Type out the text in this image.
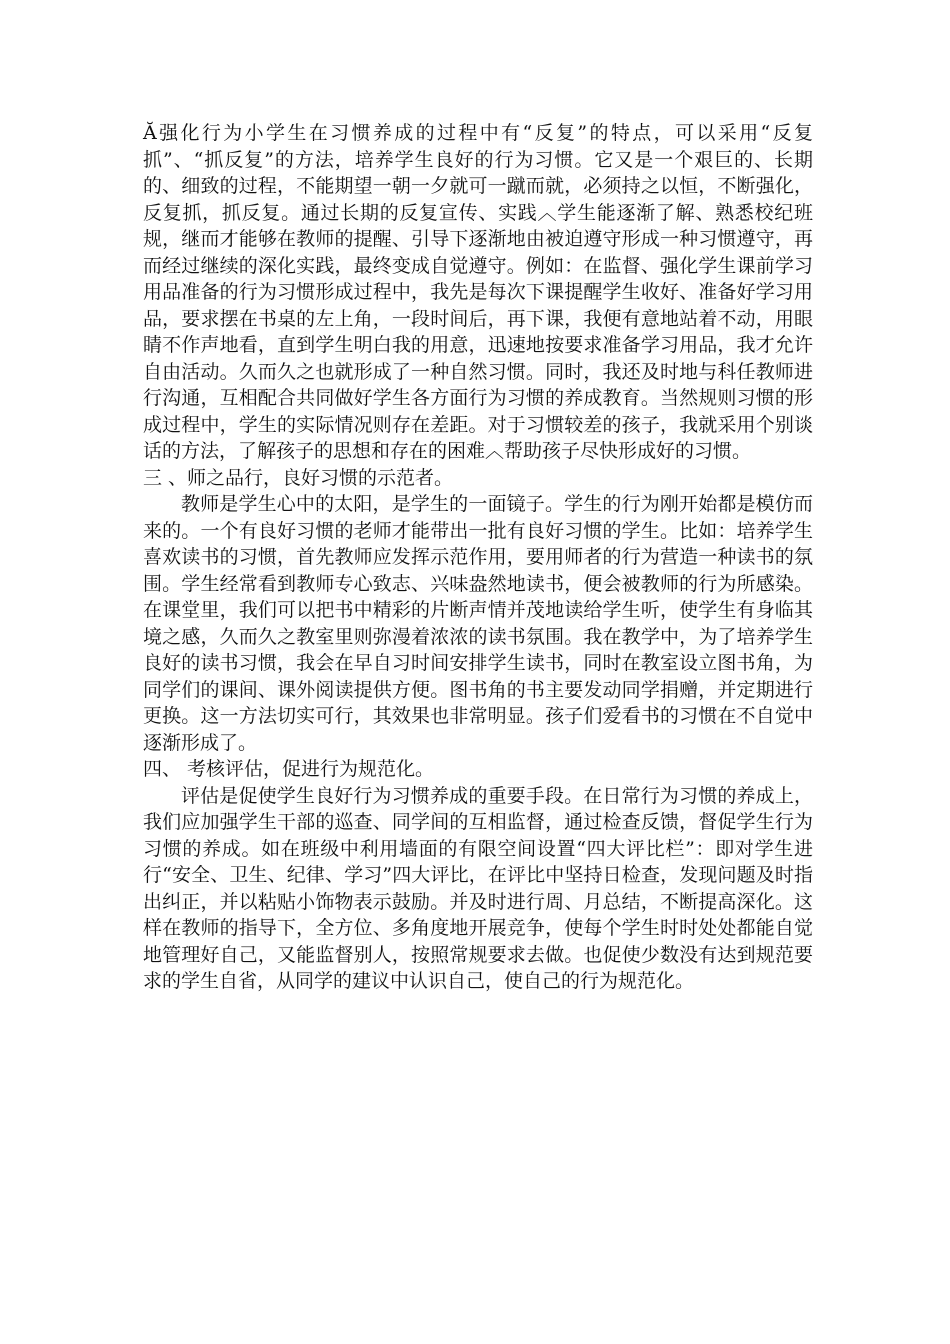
Ă强化行为小学生在习惯养成的过程中有“反复”的特点，可以采用“反复抓”、“抓反复”的方法，培养学生良好的行为习惯。它又是一个艰巨的、长期的、细致的过程，不能期望一朝一夕就可一蹴而就，必须持之以恒，不断强化，反复抓，抓反复。通过长期的反复宣传、实践︿学生能逐渐了解、熟悉校纪班规，继而才能够在教师的提醒、引导下逐渐地由被迫遵守形成一种习惯遵守，再而经过继续的深化实践，最终变成自觉遵守。例如：在监督、强化学生课前学习用品准备的行为习惯形成过程中，我先是每次下课提醒学生收好、准备好学习用品，要求摆在书桌的左上角，一段时间后，再下课，我便有意地站着不动，用眼睛不作声地看，直到学生明白我的用意，迅速地按要求准备学习用品，我才允许自由活动。久而久之也就形成了一种自然习惯。同时，我还及时地与科任教师进行沟通，互相配合共同做好学生各方面行为习惯的养成教育。当然规则习惯的形成过程中，学生的实际情况则存在差距。对于习惯较差的孩子，我就采用个别谈话的方法，了解孩子的思想和存在的困难︿帮助孩子尽快形成好的习惯。

三 、师之品行，良好习惯的示范者。

教师是学生心中的太阳，是学生的一面镜子。学生的行为刚开始都是模仿而来的。一个有良好习惯的老师才能带出一批有良好习惯的学生。比如：培养学生喜欢读书的习惯，首先教师应发挥示范作用，要用师者的行为营造一种读书的氛围。学生经常看到教师专心致志、兴味盎然地读书，便会被教师的行为所感染。在课堂里，我们可以把书中精彩的片断声情并茂地读给学生听，使学生有身临其境之感，久而久之教室里则弥漫着浓浓的读书氛围。我在教学中，为了培养学生良好的读书习惯，我会在早自习时间安排学生读书，同时在教室设立图书角，为同学们的课间、课外阅读提供方便。图书角的书主要发动同学捐赠，并定期进行更换。这一方法切实可行，其效果也非常明显。孩子们爱看书的习惯在不自觉中逐渐形成了。

四、 考核评估，促进行为规范化。

评估是促使学生良好行为习惯养成的重要手段。在日常行为习惯的养成上，我们应加强学生干部的巡查、同学间的互相监督，通过检查反馈，督促学生行为习惯的养成。如在班级中利用墙面的有限空间设置“四大评比栏”：即对学生进行“安全、卫生、纪律、学习”四大评比，在评比中坚持日检查，发现问题及时指出纠正，并以粘贴小饰物表示鼓励。并及时进行周、月总结，不断提高深化。这样在教师的指导下，全方位、多角度地开展竞争，使每个学生时时处处都能自觉地管理好自己，又能监督别人，按照常规要求去做。也促使少数没有达到规范要求的学生自省，从同学的建议中认识自己，使自己的行为规范化。
